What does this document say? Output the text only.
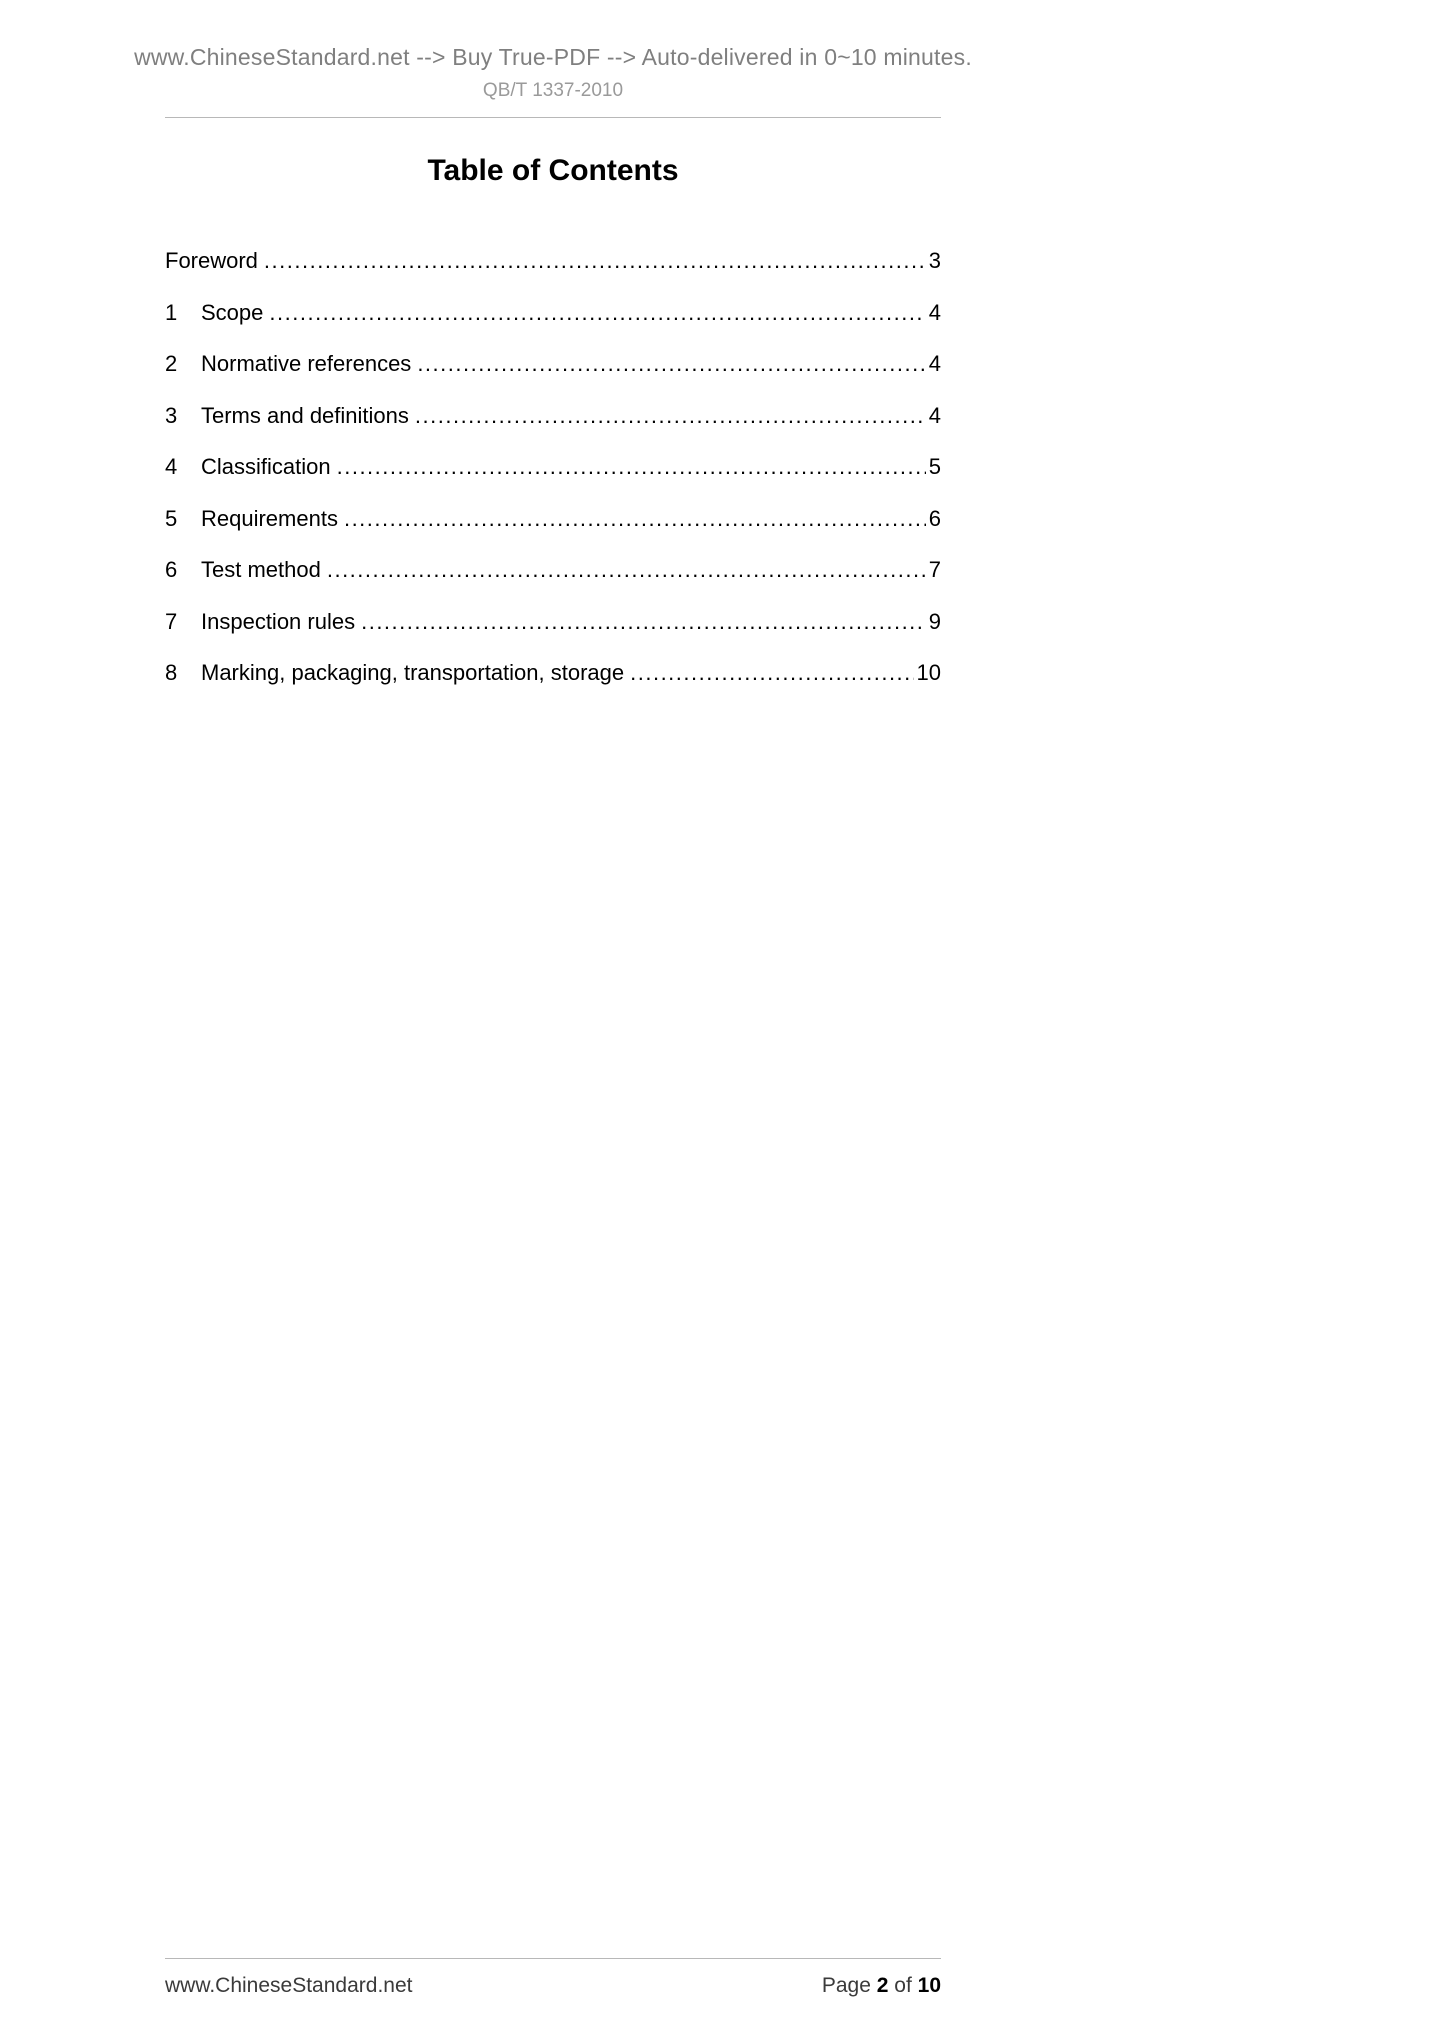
www.ChineseStandard.net --> Buy True-PDF --> Auto-delivered in 0~10 minutes.
QB/T 1337-2010
Table of Contents
Foreword .....	3
1	Scope .....	4
2	Normative references .....	4
3	Terms and definitions .....	4
4	Classification .....	5
5	Requirements .....	6
6	Test method .....	7
7	Inspection rules .....	9
8	Marking, packaging, transportation, storage .....	10
www.ChineseStandard.net	Page 2 of 10
